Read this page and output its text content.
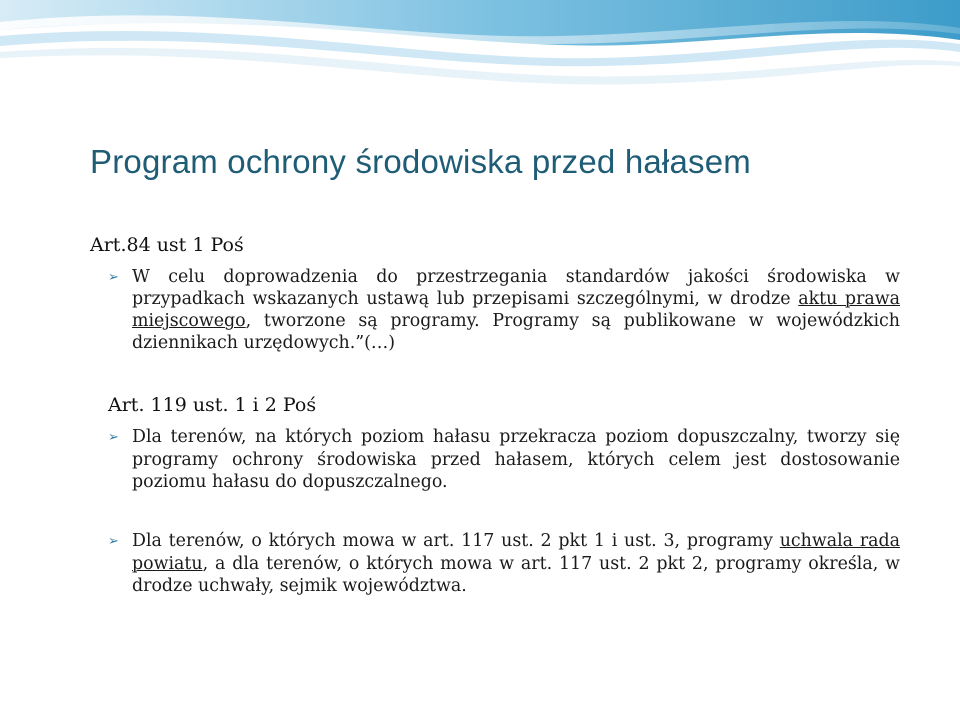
Program ochrony środowiska przed hałasem
Art.84 ust 1 Poś
➢ W celu doprowadzenia do przestrzegania standardów jakości środowiska w przypadkach wskazanych ustawą lub przepisami szczególnymi, w drodze aktu prawa miejscowego, tworzone są programy. Programy są publikowane w wojewódzkich dziennikach urzędowych.”(…)
Art. 119 ust. 1 i 2 Poś
➢ Dla terenów, na których poziom hałasu przekracza poziom dopuszczalny, tworzy się programy ochrony środowiska przed hałasem, których celem jest dostosowanie poziomu hałasu do dopuszczalnego.
➢ Dla terenów, o których mowa w art. 117 ust. 2 pkt 1 i ust. 3, programy uchwala rada powiatu, a dla terenów, o których mowa w art. 117 ust. 2 pkt 2, programy określa, w drodze uchwały, sejmik województwa.
